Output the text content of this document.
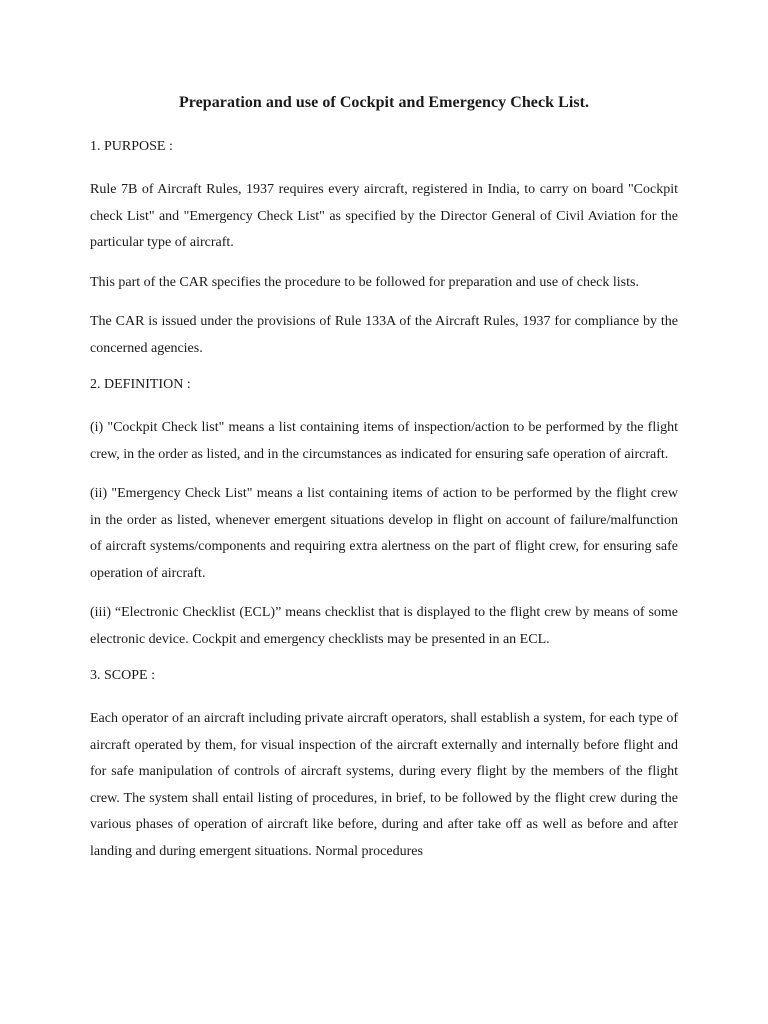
Preparation and use of Cockpit and Emergency Check List.
1. PURPOSE :
Rule 7B of Aircraft Rules, 1937 requires every aircraft, registered in India, to carry on board "Cockpit check List" and "Emergency Check List" as specified by the Director General of Civil Aviation for the particular type of aircraft.
This part of the CAR specifies the procedure to be followed for preparation and use of check lists.
The CAR is issued under the provisions of Rule 133A of the Aircraft Rules, 1937 for compliance by the concerned agencies.
2. DEFINITION :
(i) "Cockpit Check list" means a list containing items of inspection/action to be performed by the flight crew, in the order as listed, and in the circumstances as indicated for ensuring safe operation of aircraft.
(ii) "Emergency Check List" means a list containing items of action to be performed by the flight crew in the order as listed, whenever emergent situations develop in flight on account of failure/malfunction of aircraft systems/components and requiring extra alertness on the part of flight crew, for ensuring safe operation of aircraft.
(iii) “Electronic Checklist (ECL)” means checklist that is displayed to the flight crew by means of some electronic device. Cockpit and emergency checklists may be presented in an ECL.
3. SCOPE :
Each operator of an aircraft including private aircraft operators, shall establish a system, for each type of aircraft operated by them, for visual inspection of the aircraft externally and internally before flight and for safe manipulation of controls of aircraft systems, during every flight by the members of the flight crew. The system shall entail listing of procedures, in brief, to be followed by the flight crew during the various phases of operation of aircraft like before, during and after take off as well as before and after landing and during emergent situations. Normal procedures
